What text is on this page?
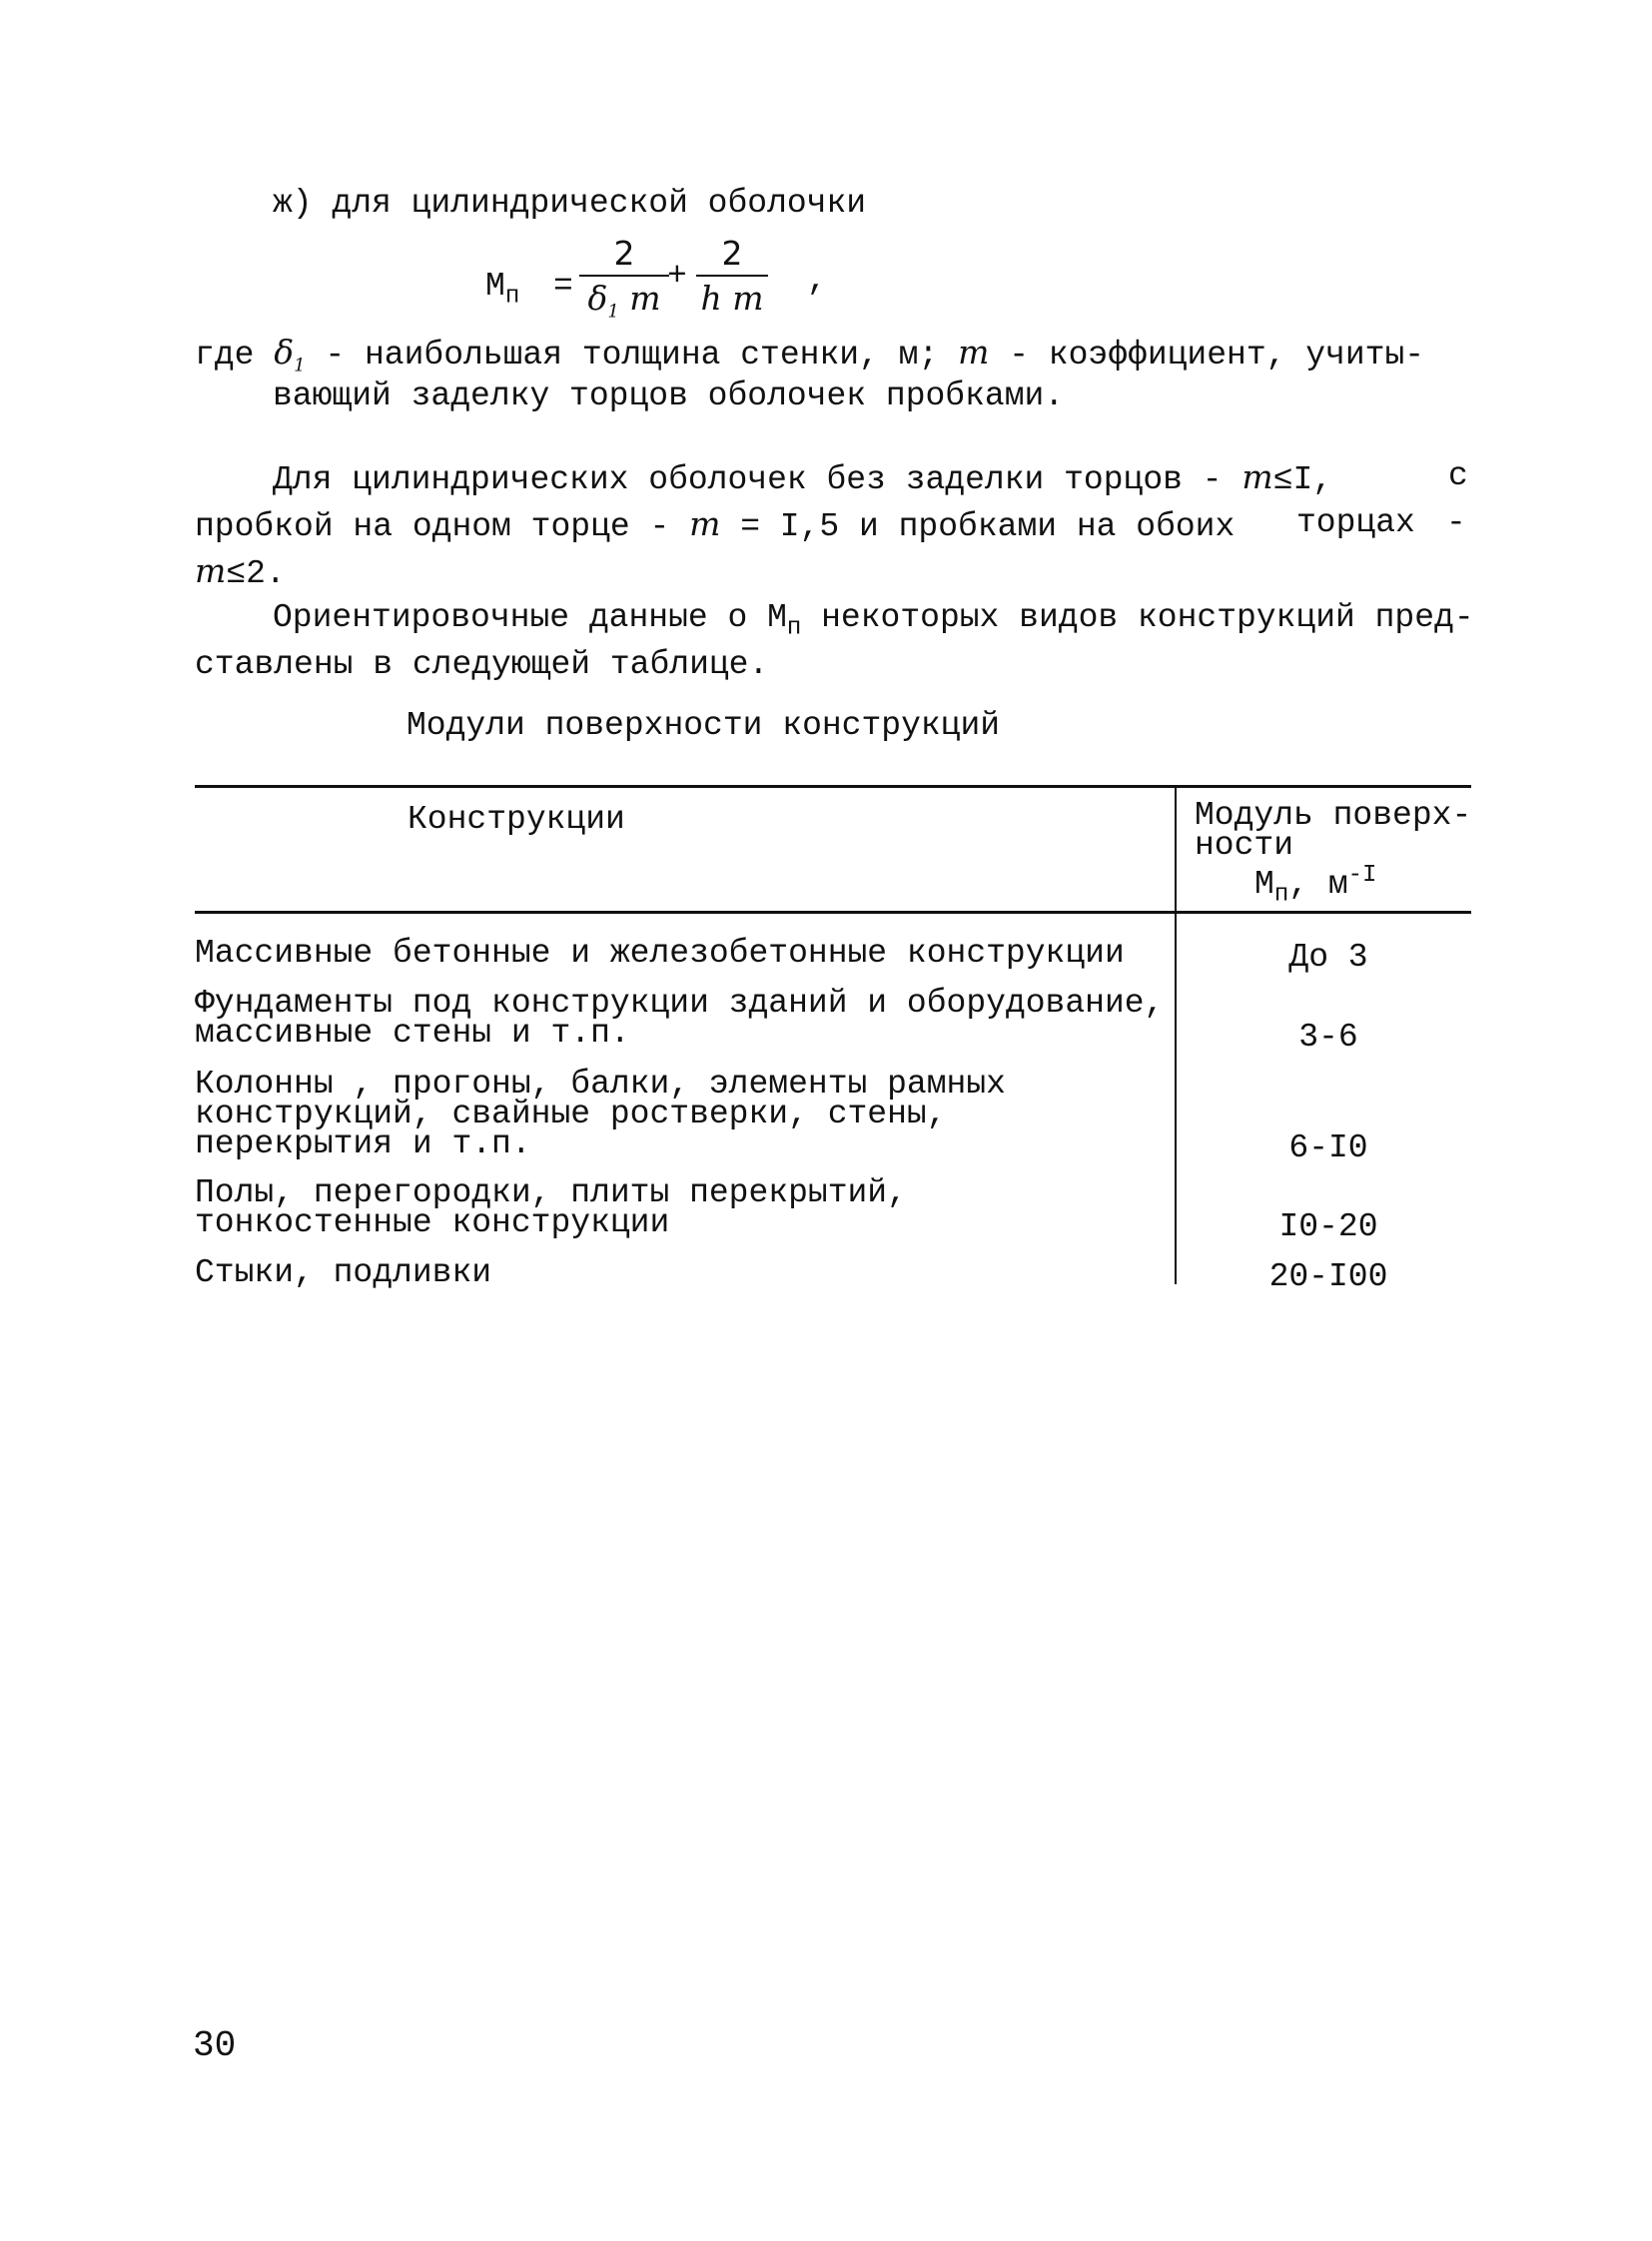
ж) для цилиндрической оболочки
$М_п = \frac{2}{\delta_1 m}$
+ $\frac{2}{\text{h m}}$ ,
где $\delta_1$ - наибольшая толщина стенки, м; m - коэффициент, учиты-
вающий заделку торцов оболочек пробками.
Для цилиндрических оболочек без заделки торцов - m≤I,	с
пробкой на одном торце - m = I,5 и пробками на обоих торцах -
m≤2.
Ориентировочные данные о $М_п$ некоторых видов конструкций пред-
ставлены в следующей таблице.
Модули поверхности конструкций
Конструкции	Модуль поверх-
ности
$М_п$, $м^{-I}$
Массивные бетонные и железобетонные конструкции	До 3
Фундаменты под конструкции зданий и оборудование,
массивные стены и т.п.	3-6
Колонны , прогоны, балки, элементы рамных
конструкций, свайные ростверки, стены,
перекрытия и т.п.	6-I0
Полы, перегородки, плиты перекрытий,
тонкостенные конструкции	I0-20
Стыки, подливки	20-I00
30
